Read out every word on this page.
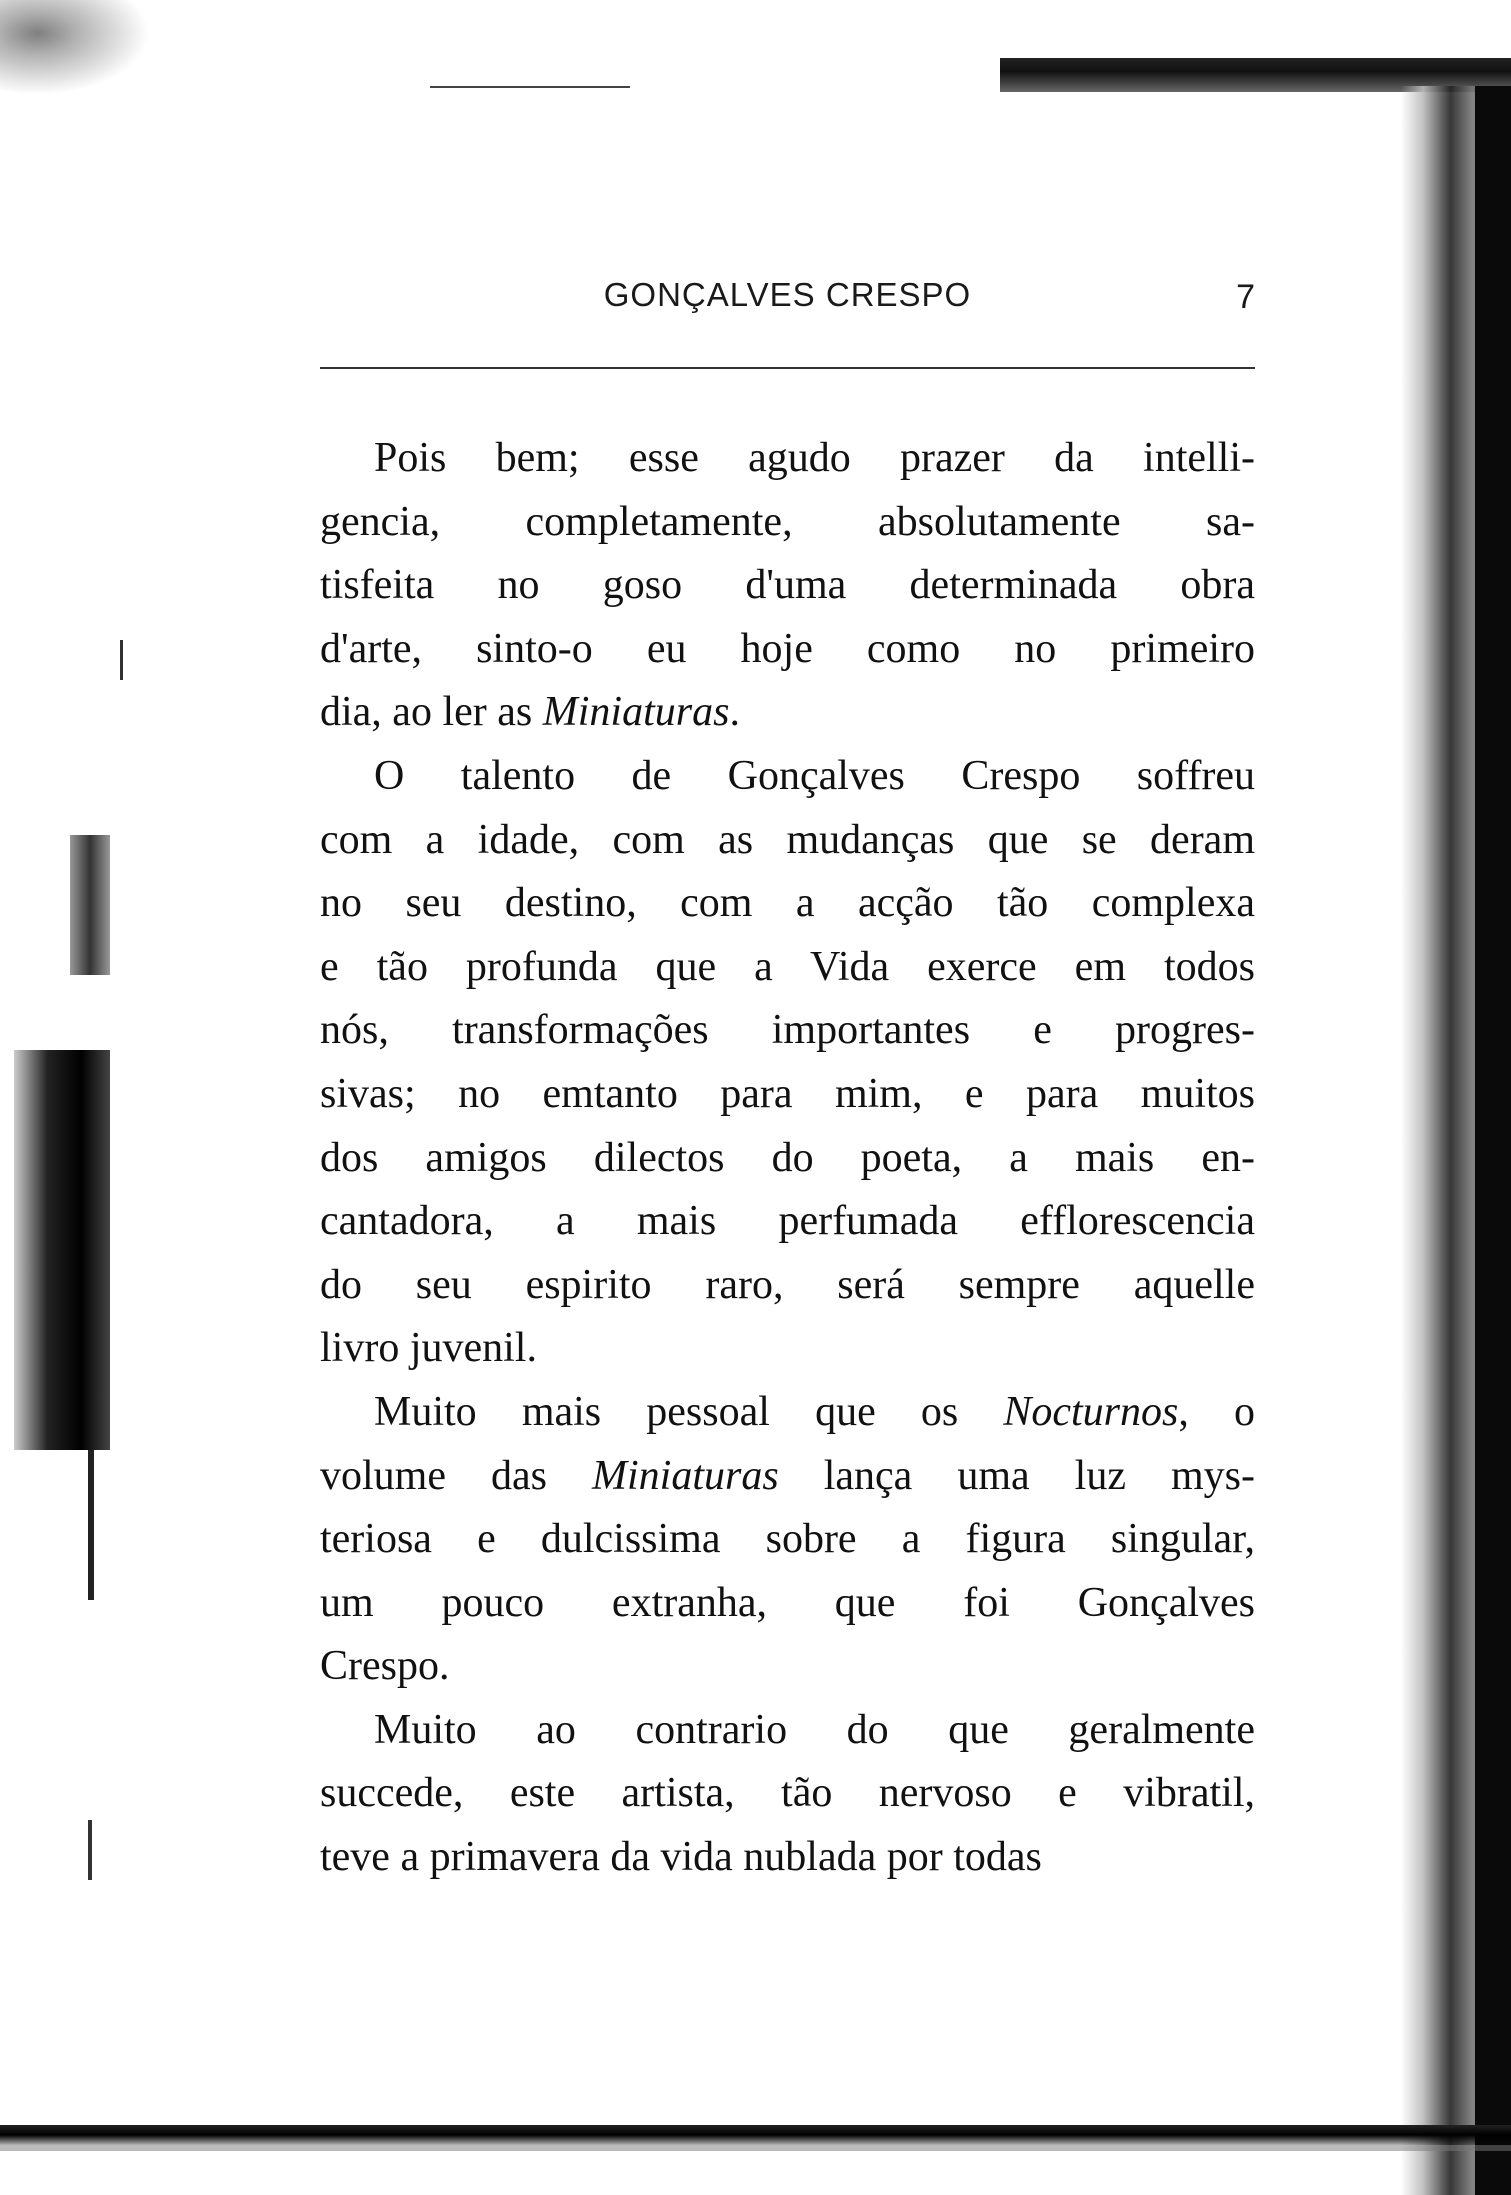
GONÇALVES CRESPO	7
Pois bem; esse agudo prazer da intelli-
gencia, completamente, absolutamente sa-
tisfeita no goso d'uma determinada obra
d'arte, sinto-o eu hoje como no primeiro
dia, ao ler as Miniaturas.
O talento de Gonçalves Crespo soffreu
com a idade, com as mudanças que se deram
no seu destino, com a acção tão complexa
e tão profunda que a Vida exerce em todos
nós, transformações importantes e progres-
sivas; no emtanto para mim, e para muitos
dos amigos dilectos do poeta, a mais en-
cantadora, a mais perfumada efflorescencia
do seu espirito raro, será sempre aquelle
livro juvenil.
Muito mais pessoal que os Nocturnos, o
volume das Miniaturas lança uma luz mys-
teriosa e dulcissima sobre a figura singular,
um pouco extranha, que foi Gonçalves
Crespo.
Muito ao contrario do que geralmente
succede, este artista, tão nervoso e vibratil,
teve a primavera da vida nublada por todas
